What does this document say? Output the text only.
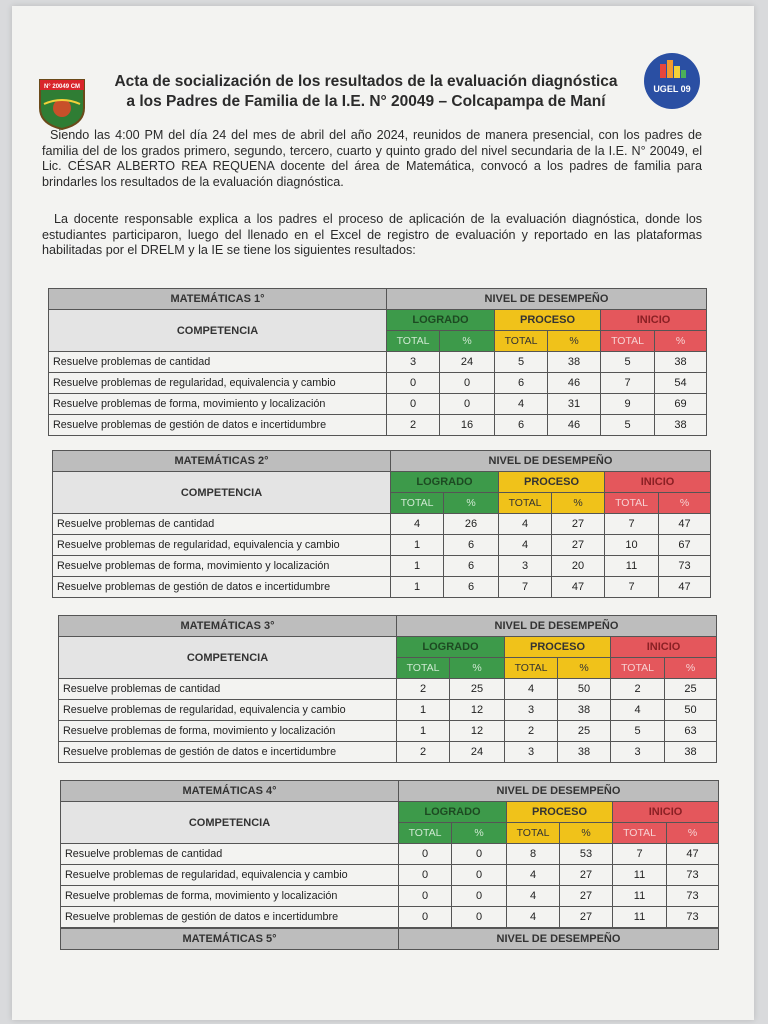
N° 20049 CM	Acta de socialización de los resultados de la evaluación diagnóstica
a los Padres de Familia de la I.E. N° 20049 – Colcapampa de Maní
UGEL 09
Siendo las 4:00 PM del día 24 del mes de abril del año 2024, reunidos de manera presencial, con los padres de familia del de los grados primero, segundo, tercero, cuarto y quinto grado del nivel secundaria de la I.E. N° 20049, el Lic. CÉSAR ALBERTO REA REQUENA docente del área de Matemática, convocó a los padres de familia para brindarles los resultados de la evaluación diagnóstica.
La docente responsable explica a los padres el proceso de aplicación de la evaluación diagnóstica, donde los estudiantes participaron, luego del llenado en el Excel de registro de evaluación y reportado en las plataformas habilitadas por el DRELM y la IE se tiene los siguientes resultados:
MATEMÁTICAS 1°	NIVEL DE DESEMPEÑO					
COMPETENCIA	LOGRADO		PROCESO		INICIO	
	TOTAL	%	TOTAL	%	TOTAL	%
Resuelve problemas de cantidad	3	24	5	38	5	38
Resuelve problemas de regularidad, equivalencia y cambio	0	0	6	46	7	54
Resuelve problemas de forma, movimiento y localización	0	0	4	31	9	69
Resuelve problemas de gestión de datos e incertidumbre	2	16	6	46	5	38
MATEMÁTICAS 2°	NIVEL DE DESEMPEÑO					
COMPETENCIA	LOGRADO		PROCESO		INICIO	
	TOTAL	%	TOTAL	%	TOTAL	%
Resuelve problemas de cantidad	4	26	4	27	7	47
Resuelve problemas de regularidad, equivalencia y cambio	1	6	4	27	10	67
Resuelve problemas de forma, movimiento y localización	1	6	3	20	11	73
Resuelve problemas de gestión de datos e incertidumbre	1	6	7	47	7	47
MATEMÁTICAS 3°	NIVEL DE DESEMPEÑO					
COMPETENCIA	LOGRADO		PROCESO		INICIO	
	TOTAL	%	TOTAL	%	TOTAL	%
Resuelve problemas de cantidad	2	25	4	50	2	25
Resuelve problemas de regularidad, equivalencia y cambio	1	12	3	38	4	50
Resuelve problemas de forma, movimiento y localización	1	12	2	25	5	63
Resuelve problemas de gestión de datos e incertidumbre	2	24	3	38	3	38
MATEMÁTICAS 4°	NIVEL DE DESEMPEÑO					
COMPETENCIA	LOGRADO		PROCESO		INICIO	
	TOTAL	%	TOTAL	%	TOTAL	%
Resuelve problemas de cantidad	0	0	8	53	7	47
Resuelve problemas de regularidad, equivalencia y cambio	0	0	4	27	11	73
Resuelve problemas de forma, movimiento y localización	0	0	4	27	11	73
Resuelve problemas de gestión de datos e incertidumbre	0	0	4	27	11	73
MATEMÁTICAS 5°	NIVEL DE DESEMPEÑO
